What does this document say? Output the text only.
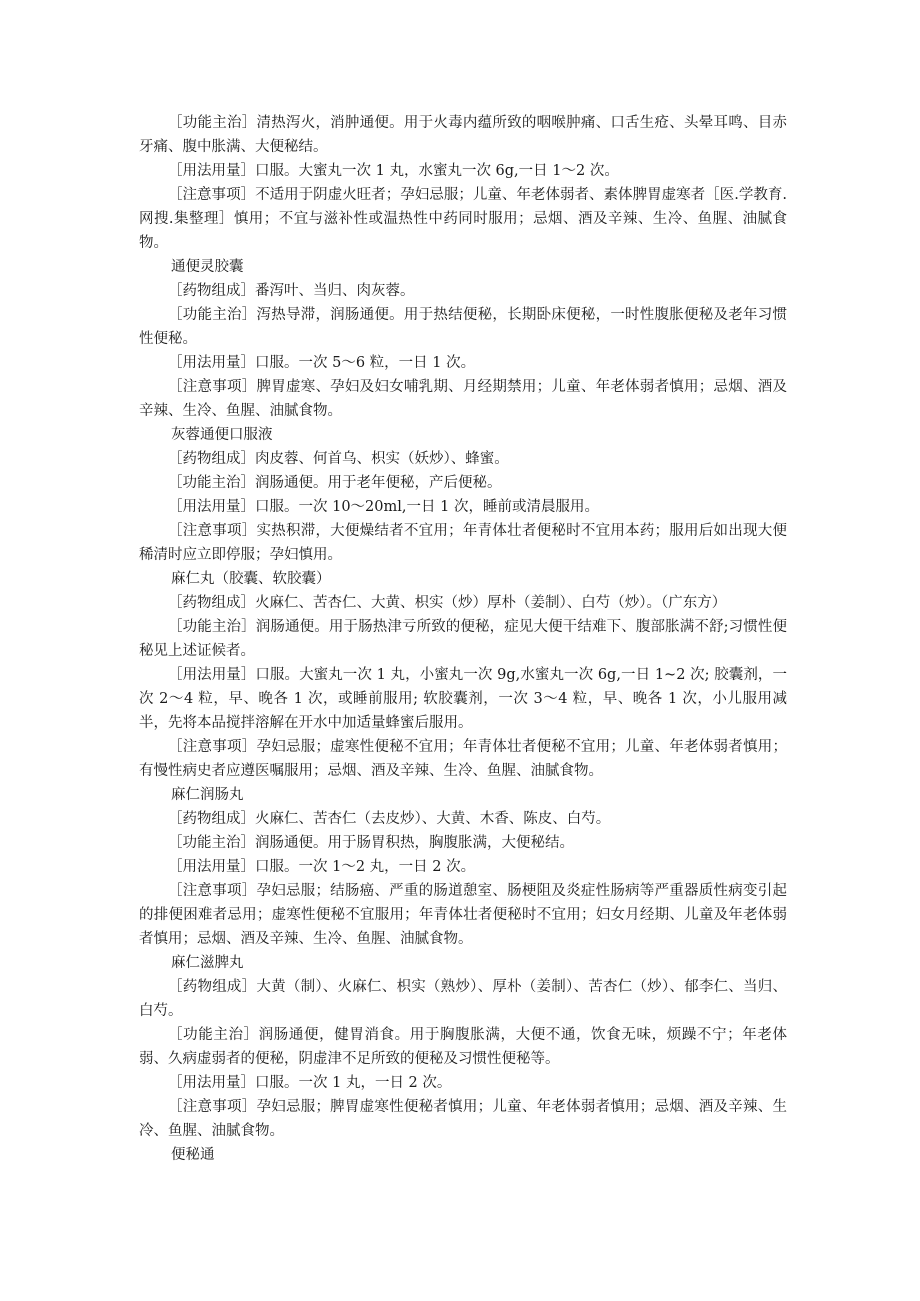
［功能主治］清热泻火，消肿通便。用于火毒内蕴所致的咽喉肿痛、口舌生疮、头晕耳鸣、目赤牙痛、腹中胀满、大便秘结。

［用法用量］口服。大蜜丸一次 1 丸，水蜜丸一次 6g,一日 1～2 次。

［注意事项］不适用于阴虚火旺者；孕妇忌服；儿童、年老体弱者、素体脾胃虚寒者［医.学教育.网搜.集整理］慎用；不宜与滋补性或温热性中药同时服用；忌烟、酒及辛辣、生冷、鱼腥、油腻食物。

通便灵胶囊

［药物组成］番泻叶、当归、肉灰蓉。

［功能主治］泻热导滞，润肠通便。用于热结便秘，长期卧床便秘，一时性腹胀便秘及老年习惯性便秘。

［用法用量］口服。一次 5～6 粒，一日 1 次。

［注意事项］脾胃虚寒、孕妇及妇女哺乳期、月经期禁用；儿童、年老体弱者慎用；忌烟、酒及辛辣、生冷、鱼腥、油腻食物。

灰蓉通便口服液

［药物组成］肉皮蓉、何首乌、枳实（妖炒）、蜂蜜。

［功能主治］润肠通便。用于老年便秘，产后便秘。

［用法用量］口服。一次 10～20ml,一日 1 次，睡前或清晨服用。

［注意事项］实热积滞，大便燥结者不宜用；年青体壮者便秘时不宜用本药；服用后如出现大便稀清时应立即停服；孕妇慎用。

麻仁丸（胶囊、软胶囊）

［药物组成］火麻仁、苦杏仁、大黄、枳实（炒）厚朴（姜制）、白芍（炒）。（广东方）

［功能主治］润肠通便。用于肠热津亏所致的便秘，症见大便干结难下、腹部胀满不舒;习惯性便秘见上述证候者。

［用法用量］口服。大蜜丸一次 1 丸，小蜜丸一次 9g,水蜜丸一次 6g,一日 1~2 次; 胶囊剂，一次 2～4 粒，早、晚各 1 次，或睡前服用; 软胶囊剂，一次 3～4 粒，早、晚各 1 次，小儿服用减半，先将本品搅拌溶解在开水中加适量蜂蜜后服用。

［注意事项］孕妇忌服；虚寒性便秘不宜用；年青体壮者便秘不宜用；儿童、年老体弱者慎用；有慢性病史者应遵医嘱服用；忌烟、酒及辛辣、生冷、鱼腥、油腻食物。

麻仁润肠丸

［药物组成］火麻仁、苦杏仁（去皮炒）、大黄、木香、陈皮、白芍。

［功能主治］润肠通便。用于肠胃积热，胸腹胀满，大便秘结。

［用法用量］口服。一次 1～2 丸，一日 2 次。

［注意事项］孕妇忌服；结肠癌、严重的肠道憩室、肠梗阻及炎症性肠病等严重器质性病变引起的排便困难者忌用；虚寒性便秘不宜服用；年青体壮者便秘时不宜用；妇女月经期、儿童及年老体弱者慎用；忌烟、酒及辛辣、生冷、鱼腥、油腻食物。

麻仁滋脾丸

［药物组成］大黄（制）、火麻仁、枳实（熟炒）、厚朴（姜制）、苦杏仁（炒）、郁李仁、当归、白芍。

［功能主治］润肠通便，健胃消食。用于胸腹胀满，大便不通，饮食无味，烦躁不宁；年老体弱、久病虚弱者的便秘，阴虚津不足所致的便秘及习惯性便秘等。

［用法用量］口服。一次 1 丸，一日 2 次。

［注意事项］孕妇忌服；脾胃虚寒性便秘者慎用；儿童、年老体弱者慎用；忌烟、酒及辛辣、生冷、鱼腥、油腻食物。

便秘通
